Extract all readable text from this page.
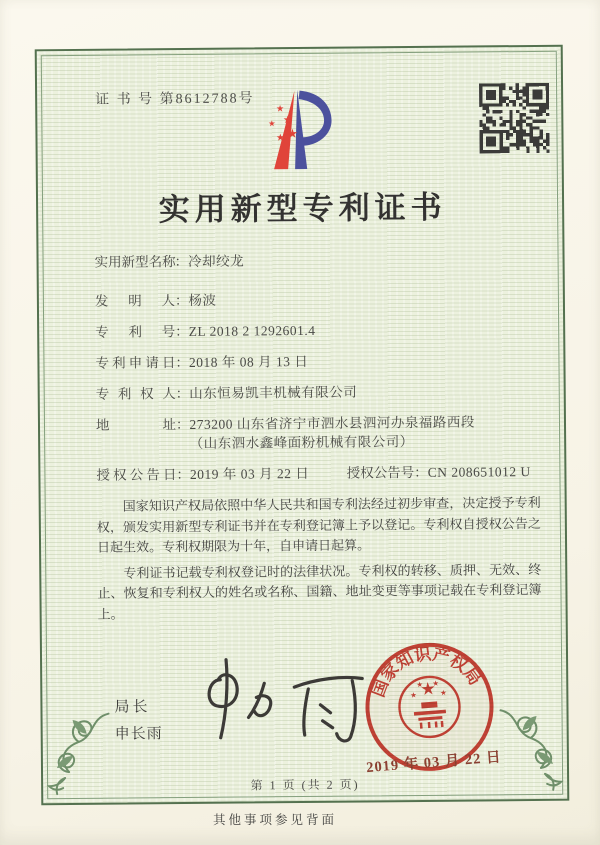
证 书 号 第8612788号
实用新型专利证书
实用新型名称：冷却绞龙
发明人：杨波
专利号：ZL 2018 2 1292601.4
专利申请日：2018 年 08 月 13 日
专利权人：山东恒易凯丰机械有限公司
地址：273200 山东省济宁市泗水县泗河办泉福路西段（山东泗水鑫峰面粉机械有限公司）
授权公告日：2019 年 03 月 22 日	授权公告号：CN 208651012 U

国家知识产权局依照中华人民共和国专利法经过初步审查，决定授予专利权，颁发实用新型专利证书并在专利登记簿上予以登记。专利权自授权公告之日起生效。专利权期限为十年，自申请日起算。

专利证书记载专利权登记时的法律状况。专利权的转移、质押、无效、终止、恢复和专利权人的姓名或名称、国籍、地址变更等事项记载在专利登记簿上。

局长
申长雨
国家知识产权局
2019 年 03 月 22 日
第 1 页 (共 2 页)
其他事项参见背面
